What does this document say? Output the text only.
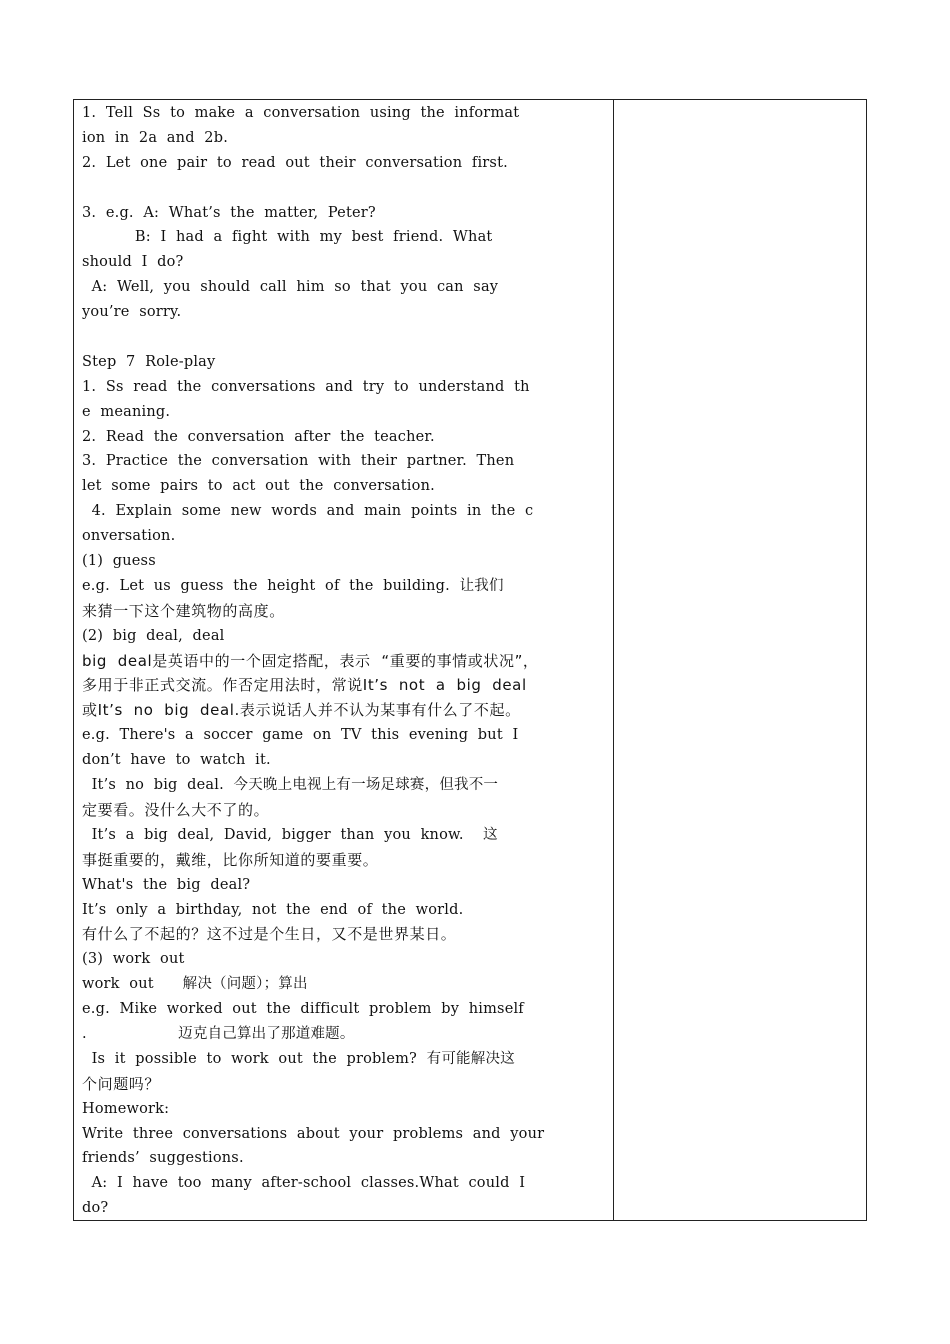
1.  Tell  Ss  to  make  a  conversation  using  the  informat
ion  in  2a  and  2b.
2.  Let  one  pair  to  read  out  their  conversation  first.
3.  e.g.  A:  What’s  the  matter,  Peter?
B:  I  had  a  fight  with  my  best  friend.  What
should  I  do?
A:  Well,  you  should  call  him  so  that  you  can  say
you’re  sorry.
Step  7  Role-play
1.  Ss  read  the  conversations  and  try  to  understand  th
e  meaning.
2.  Read  the  conversation  after  the  teacher.
3.  Practice  the  conversation  with  their  partner.  Then
let  some  pairs  to  act  out  the  conversation.
4.  Explain  some  new  words  and  main  points  in  the  c
onversation.
(1)  guess
e.g.  Let  us  guess  the  height  of  the  building.  让我们
来猜一下这个建筑物的高度。
(2)  big  deal,  deal
big  deal是英语中的一个固定搭配，表示  “重要的事情或状况”，
多用于非正式交流。作否定用法时，常说It’s  not  a  big  deal
或It’s  no  big  deal.表示说话人并不认为某事有什么了不起。
e.g.  There's  a  soccer  game  on  TV  this  evening  but  I
don’t  have  to  watch  it.
It’s  no  big  deal.  今天晚上电视上有一场足球赛，但我不一
定要看。没什么大不了的。
It’s  a  big  deal,  David,  bigger  than  you  know.    这
事挺重要的，戴维，比你所知道的要重要。
What's  the  big  deal?
It’s  only  a  birthday,  not  the  end  of  the  world.
有什么了不起的？这不过是个生日，又不是世界某日。
(3)  work  out
work  out      解决（问题）；算出
e.g.  Mike  worked  out  the  difficult  problem  by  himself
.                   迈克自己算出了那道难题。
Is  it  possible  to  work  out  the  problem?  有可能解决这
个问题吗？
Homework:
Write  three  conversations  about  your  problems  and  your
friends’  suggestions.
A:  I  have  too  many  after-school  classes.What  could  I
do?
